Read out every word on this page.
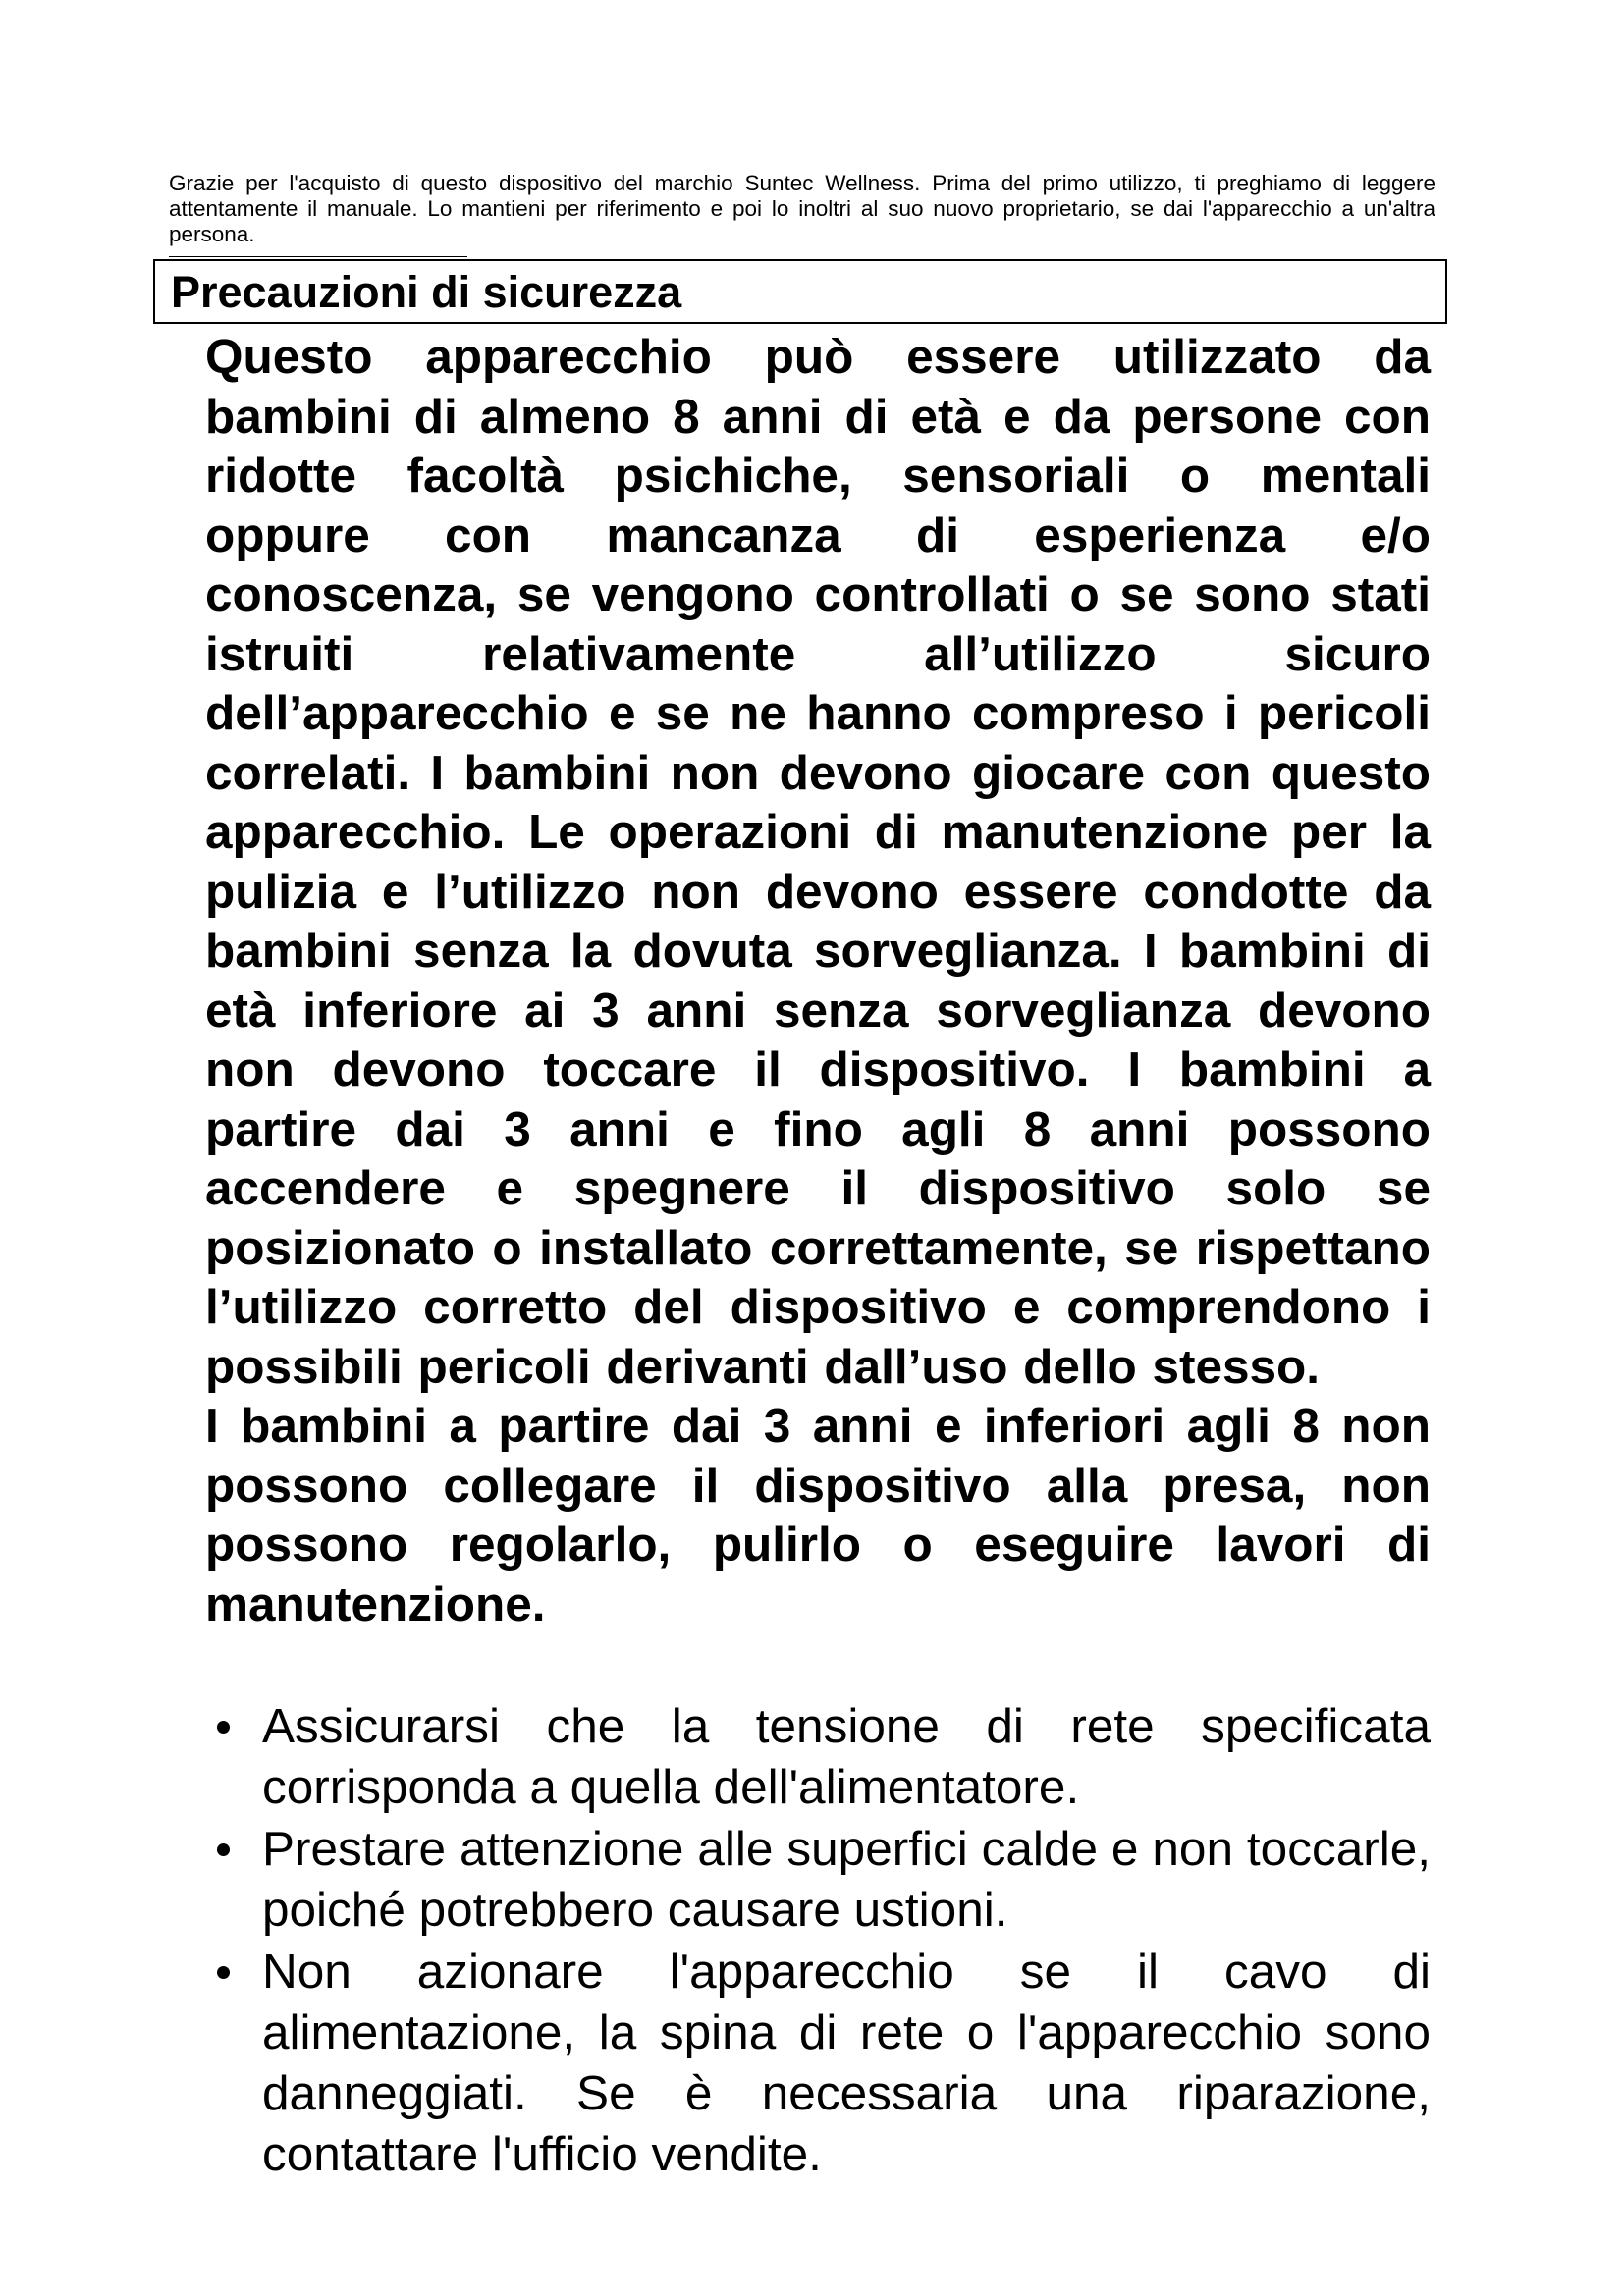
Grazie per l'acquisto di questo dispositivo del marchio Suntec Wellness. Prima del primo utilizzo, ti preghiamo di leggere attentamente il manuale. Lo mantieni per riferimento e poi lo inoltri al suo nuovo proprietario, se dai l'apparecchio a un'altra persona.
Precauzioni di sicurezza

Questo apparecchio può essere utilizzato da bambini di almeno 8 anni di età e da persone con ridotte facoltà psichiche, sensoriali o mentali oppure con mancanza di esperienza e/o conoscenza, se vengono controllati o se sono stati istruiti relativamente all’utilizzo sicuro dell’apparecchio e se ne hanno compreso i pericoli correlati. I bambini non devono giocare con questo apparecchio. Le operazioni di manutenzione per la pulizia e l’utilizzo non devono essere condotte da bambini senza la dovuta sorveglianza. I bambini di età inferiore ai 3 anni senza sorveglianza devono non devono toccare il dispositivo. I bambini a partire dai 3 anni e fino agli 8 anni possono accendere e spegnere il dispositivo solo se posizionato o installato correttamente, se rispettano l’utilizzo corretto del dispositivo e comprendono i possibili pericoli derivanti dall’uso dello stesso.

I bambini a partire dai 3 anni e inferiori agli 8 non possono collegare il dispositivo alla presa, non possono regolarlo, pulirlo o eseguire lavori di manutenzione.

Assicurarsi che la tensione di rete specificata corrisponda a quella dell'alimentatore.
Prestare attenzione alle superfici calde e non toccarle, poiché potrebbero causare ustioni.
Non azionare l'apparecchio se il cavo di alimentazione, la spina di rete o l'apparecchio sono danneggiati. Se è necessaria una riparazione, contattare l'ufficio vendite.
